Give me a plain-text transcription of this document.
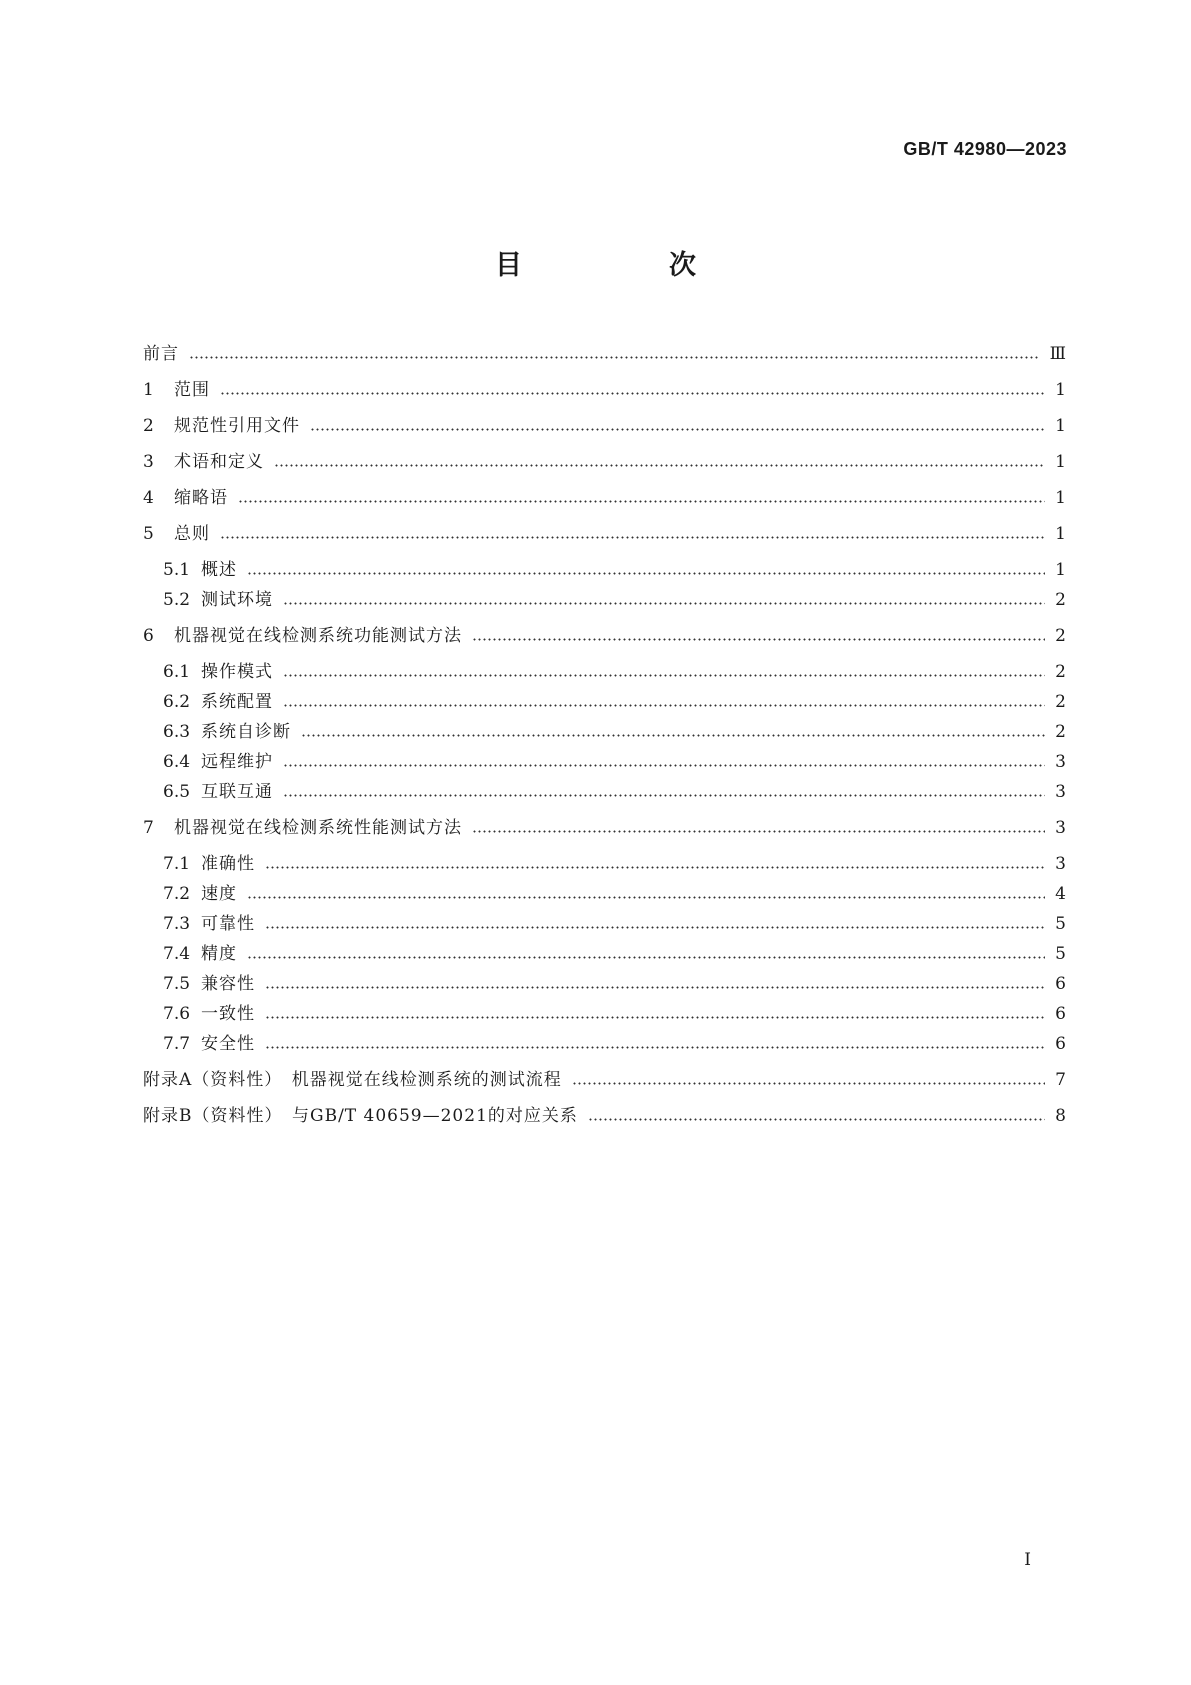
GB/T 42980—2023
目　次
前言	Ⅲ
1	范围	1
2	规范性引用文件	1
3	术语和定义	1
4	缩略语	1
5	总则	1
5.1 概述	1
5.2 测试环境	2
6	机器视觉在线检测系统功能测试方法	2
6.1 操作模式	2
6.2 系统配置	2
6.3 系统自诊断	2
6.4 远程维护	3
6.5 互联互通	3
7	机器视觉在线检测系统性能测试方法	3
7.1 准确性	3
7.2 速度	4
7.3 可靠性	5
7.4 精度	5
7.5 兼容性	6
7.6 一致性	6
7.7 安全性	6
附录A（资料性）　机器视觉在线检测系统的测试流程	7
附录B（资料性）　与GB/T 40659—2021的对应关系	8
I
